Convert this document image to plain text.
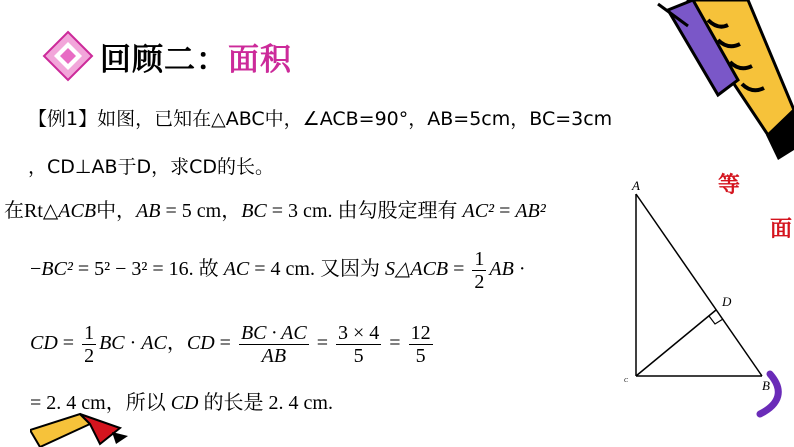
回顾二：面积
【例1】如图，已知在△ABC中，∠ACB=90°，AB=5cm，BC=3cm
，CD⊥AB于D，求CD的长。
在Rt△ACB中，AB = 5 cm，BC = 3 cm. 由勾股定理有 AC² = AB²
−BC² = 5² − 3² = 16. 故 AC = 4 cm. 又因为 S△ACB = $\frac{1}{2}$ AB ·
CD = $\frac{1}{2}$ BC · AC，CD = $\frac{BC \cdot AC}{AB} = \frac{3 \times 4}{5} = \frac{12}{5}$
= 2. 4 cm，所以 CD 的长是 2. 4 cm.
A
B
C
D
等
面
